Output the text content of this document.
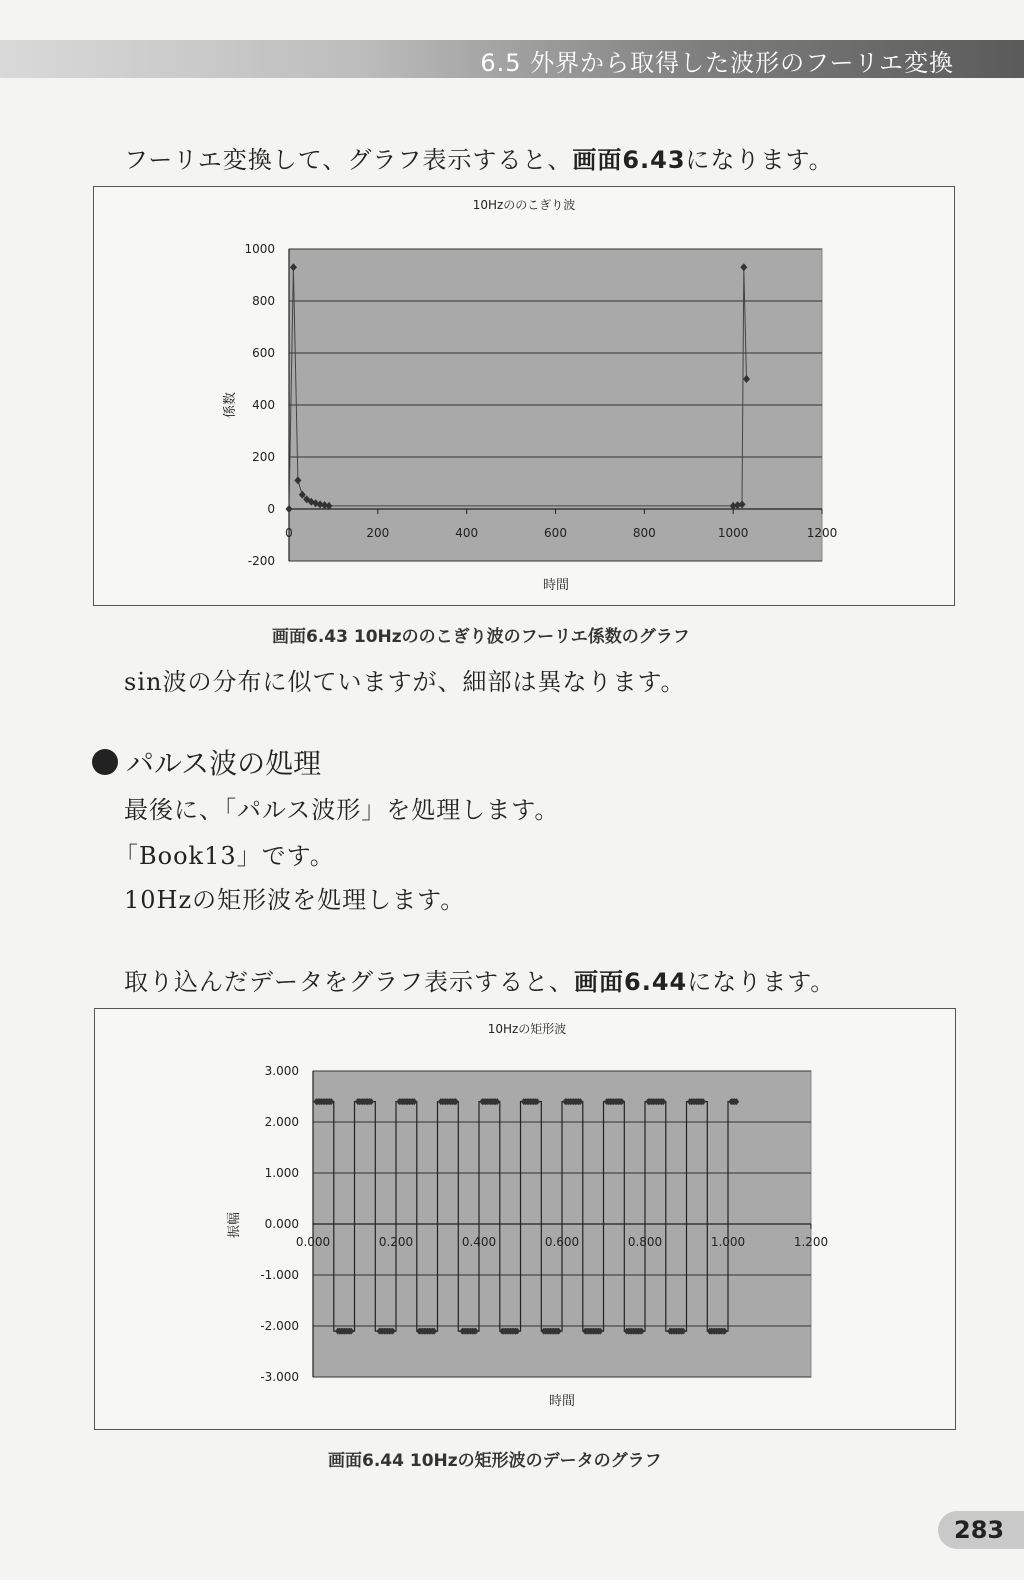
6.5 外界から取得した波形のフーリエ変換
フーリエ変換して、グラフ表示すると、画面6.43になります。
-200
0
200
400
600
800
1000
0	200	400	600	800	1000	1200
10Hzののこぎり波
時間
係数
画面6.43 10Hzののこぎり波のフーリエ係数のグラフ
sin波の分布に似ていますが、細部は異なります。
パルス波の処理
最後に、「パルス波形」を処理します。
「Book13」です。
10Hzの矩形波を処理します。
取り込んだデータをグラフ表示すると、画面6.44になります。
-3.000
-2.000
-1.000
0.000
1.000
2.000
3.000
0.000	0.200	0.400	0.600	0.800	1.000	1.200
10Hzの矩形波
時間
振幅
画面6.44 10Hzの矩形波のデータのグラフ
283
